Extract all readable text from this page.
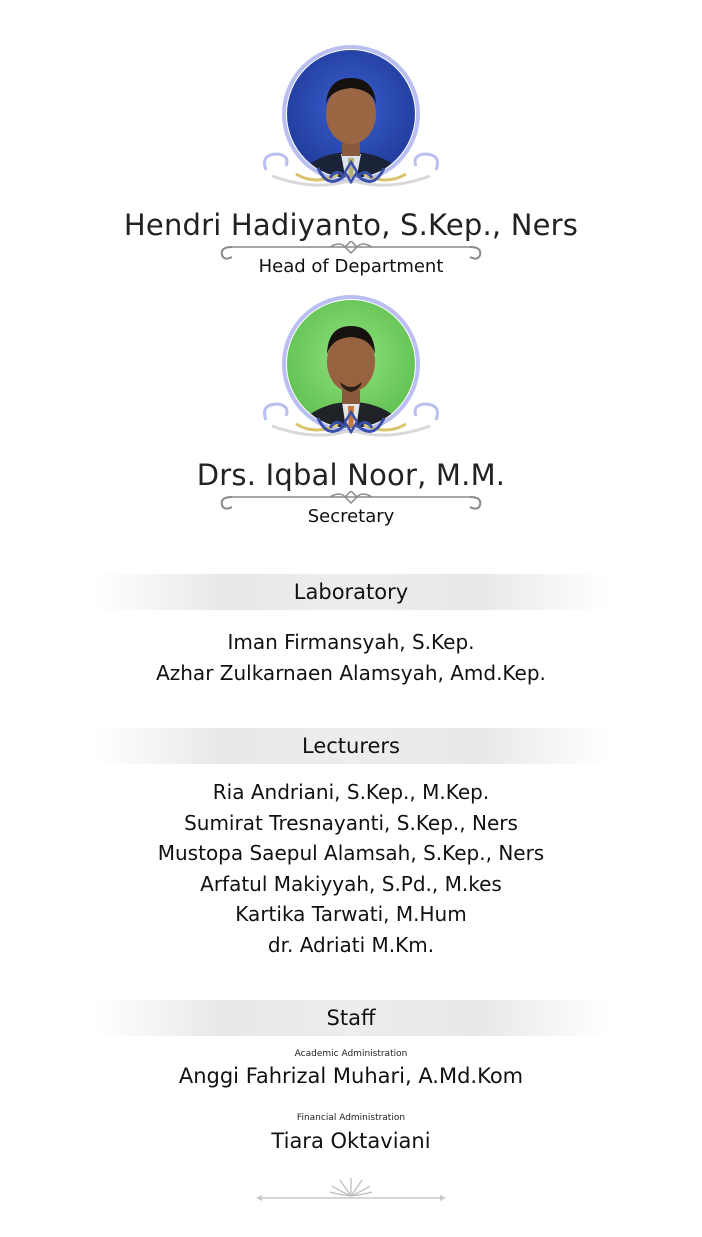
Hendri Hadiyanto, S.Kep., Ners
Head of Department
Drs. Iqbal Noor, M.M.
Secretary
Laboratory
Iman Firmansyah, S.Kep.
Azhar Zulkarnaen Alamsyah, Amd.Kep.
Lecturers
Ria Andriani, S.Kep., M.Kep.
Sumirat Tresnayanti, S.Kep., Ners
Mustopa Saepul Alamsah, S.Kep., Ners
Arfatul Makiyyah, S.Pd., M.kes
Kartika Tarwati, M.Hum
dr. Adriati M.Km.
Staff
Academic Administration
Anggi Fahrizal Muhari, A.Md.Kom
Financial Administration
Tiara Oktaviani
